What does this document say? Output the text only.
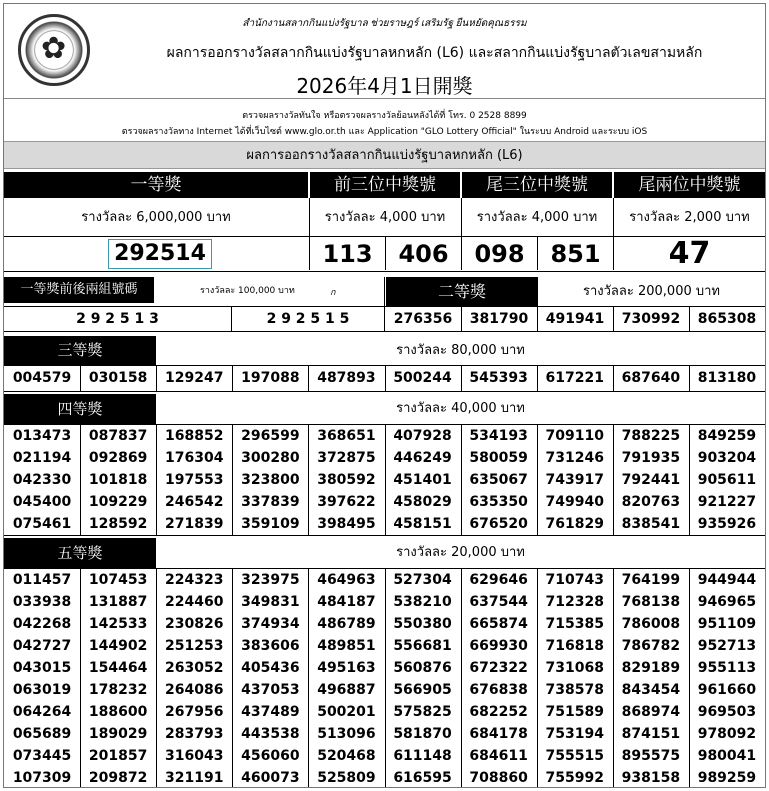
✿
สำนักงานสลากกินแบ่งรัฐบาล ช่วยราษฎร์ เสริมรัฐ ยืนหยัดคุณธรรม
ผลการออกรางวัลสลากกินแบ่งรัฐบาลหกหลัก (L6) และสลากกินแบ่งรัฐบาลตัวเลขสามหลัก
2026年4月1日開獎
ตรวจผลรางวัลทันใจ หรือตรวจผลรางวัลย้อนหลังได้ที่ โทร. 0 2528 8899
ตรวจผลรางวัลทาง Internet ได้ที่เว็บไซต์ www.glo.or.th และ Application "GLO Lottery Official" ในระบบ Android และระบบ iOS
ผลการออกรางวัลสลากกินแบ่งรัฐบาลหกหลัก (L6)
一等獎	前三位中獎號	尾三位中獎號	尾兩位中獎號
รางวัลละ 6,000,000 บาท	รางวัลละ 4,000 บาท	รางวัลละ 4,000 บาท	รางวัลละ 2,000 บาท
292514	113	406	098	851	47
一等獎前後兩組號碼	รางวัลละ 100,000 บาท	ก	二等獎	รางวัลละ 200,000 บาท
2 9 2 5 1 3	2 9 2 5 1 5	276356	381790	491941	730992	865308
三等獎	รางวัลละ 80,000 บาท
004579	030158	129247	197088	487893	500244	545393	617221	687640	813180
四等獎	รางวัลละ 40,000 บาท
013473	087837	168852	296599	368651	407928	534193	709110	788225	849259
021194	092869	176304	300280	372875	446249	580059	731246	791935	903204
042330	101818	197553	323800	380592	451401	635067	743917	792441	905611
045400	109229	246542	337839	397622	458029	635350	749940	820763	921227
075461	128592	271839	359109	398495	458151	676520	761829	838541	935926
五等獎	รางวัลละ 20,000 บาท
011457	107453	224323	323975	464963	527304	629646	710743	764199	944944
033938	131887	224460	349831	484187	538210	637544	712328	768138	946965
042268	142533	230826	374934	486789	550380	665874	715385	786008	951109
042727	144902	251253	383606	489851	556681	669930	716818	786782	952713
043015	154464	263052	405436	495163	560876	672322	731068	829189	955113
063019	178232	264086	437053	496887	566905	676838	738578	843454	961660
064264	188600	267956	437489	500201	575825	682252	751589	868974	969503
065689	189029	283793	443538	513096	581870	684178	753194	874151	978092
073445	201857	316043	456060	520468	611148	684611	755515	895575	980041
107309	209872	321191	460073	525809	616595	708860	755992	938158	989259
